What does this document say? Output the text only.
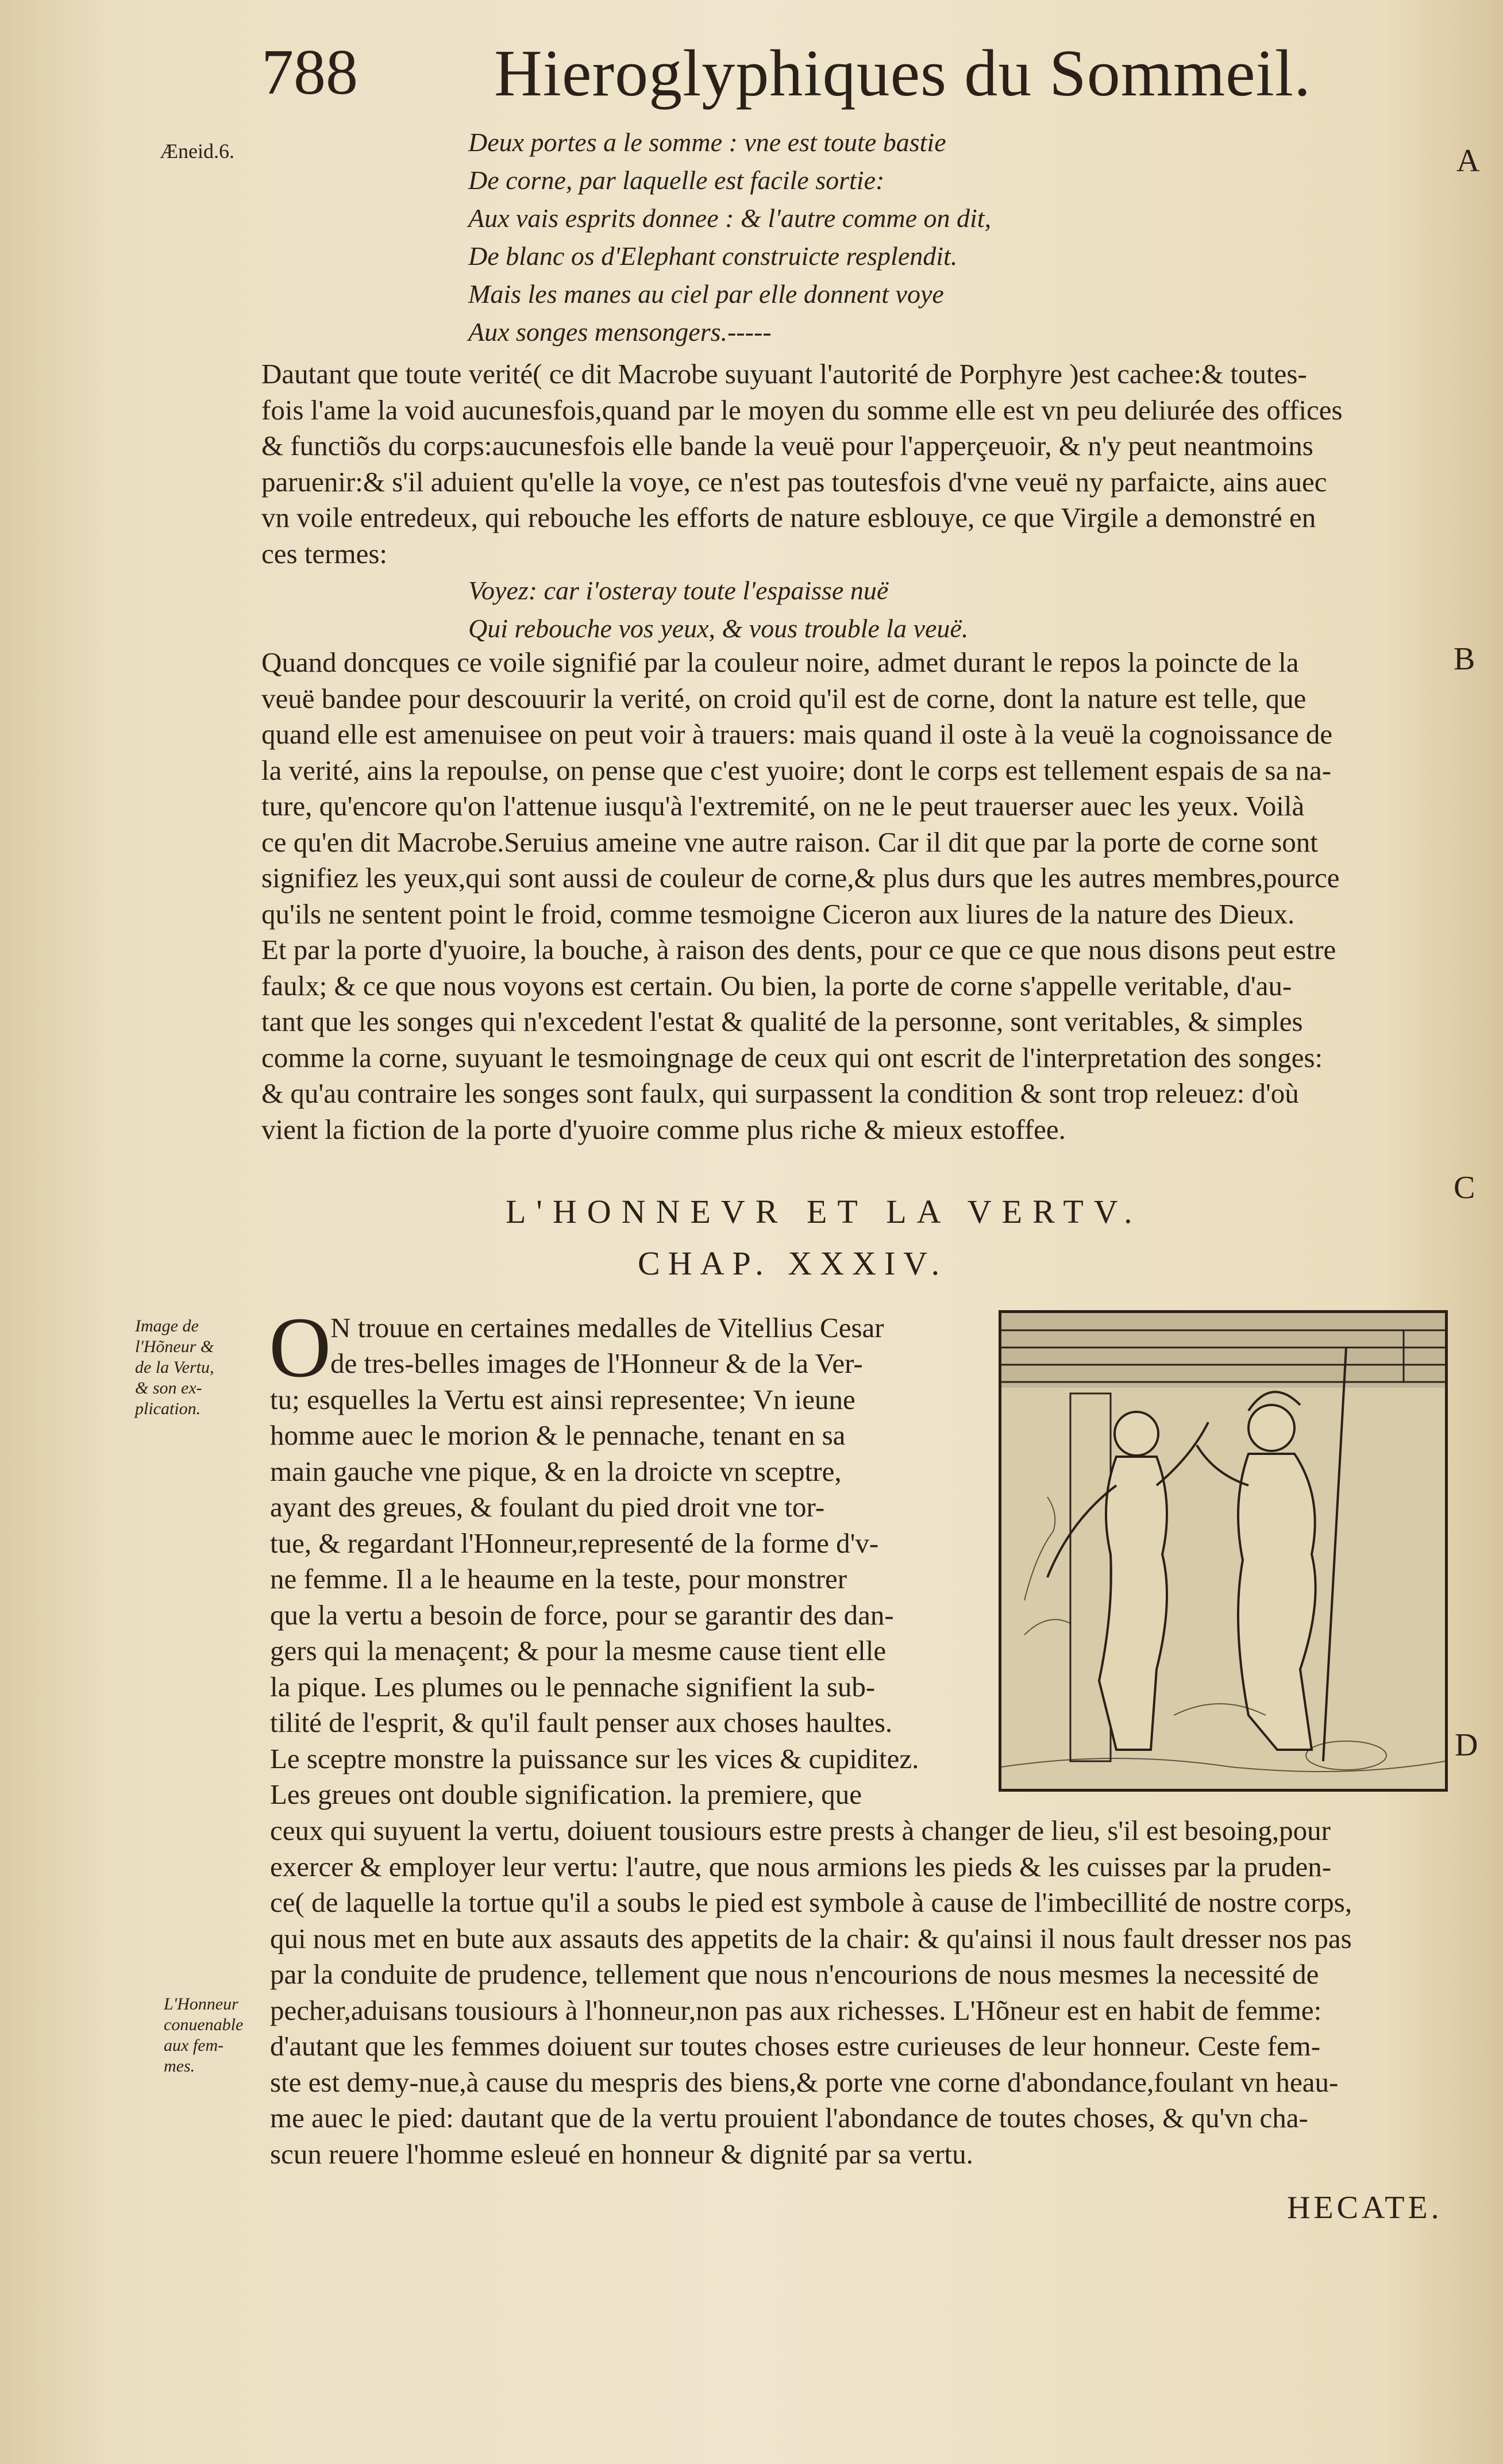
788 Hieroglyphiques du Sommeil.
Æneid.6.	A
B
C
D
Deux portes a le somme : vne est toute bastie
De corne, par laquelle est facile sortie:
Aux vais esprits donnee : & l'autre comme on dit,
De blanc os d'Elephant construicte resplendit.
Mais les manes au ciel par elle donnent voye
Aux songes mensongers.-----
Dautant que toute verité( ce dit Macrobe suyuant l'autorité de Porphyre )est cachee:& toutes-
fois l'ame la void aucunesfois,quand par le moyen du somme elle est vn peu deliurée des offices
& functiõs du corps:aucunesfois elle bande la veuë pour l'apperçeuoir, & n'y peut neantmoins
paruenir:& s'il aduient qu'elle la voye, ce n'est pas toutesfois d'vne veuë ny parfaicte, ains auec
vn voile entredeux, qui rebouche les efforts de nature esblouye, ce que Virgile a demonstré en
ces termes:
Voyez: car i'osteray toute l'espaisse nuë
Qui rebouche vos yeux, & vous trouble la veuë.
Quand doncques ce voile signifié par la couleur noire, admet durant le repos la poincte de la
veuë bandee pour descouurir la verité, on croid qu'il est de corne, dont la nature est telle, que
quand elle est amenuisee on peut voir à trauers: mais quand il oste à la veuë la cognoissance de
la verité, ains la repoulse, on pense que c'est yuoire; dont le corps est tellement espais de sa na-
ture, qu'encore qu'on l'attenue iusqu'à l'extremité, on ne le peut trauerser auec les yeux. Voilà
ce qu'en dit Macrobe.Seruius ameine vne autre raison. Car il dit que par la porte de corne sont
signifiez les yeux,qui sont aussi de couleur de corne,& plus durs que les autres membres,pource
qu'ils ne sentent point le froid, comme tesmoigne Ciceron aux liures de la nature des Dieux.
Et par la porte d'yuoire, la bouche, à raison des dents, pour ce que ce que nous disons peut estre
faulx; & ce que nous voyons est certain. Ou bien, la porte de corne s'appelle veritable, d'au-
tant que les songes qui n'excedent l'estat & qualité de la personne, sont veritables, & simples
comme la corne, suyuant le tesmoingnage de ceux qui ont escrit de l'interpretation des songes:
& qu'au contraire les songes sont faulx, qui surpassent la condition & sont trop releuez: d'où
vient la fiction de la porte d'yuoire comme plus riche & mieux estoffee.
L'HONNEVR ET LA VERTV.
CHAP. XXXIV.
Image de
l'Hõneur &
de la Vertu,
& son ex-
plication.
L'Honneur
conuenable
aux fem-
mes.
O
N trouue en certaines medalles de Vitellius Cesar
de tres-belles images de l'Honneur & de la Ver-
tu; esquelles la Vertu est ainsi representee; Vn ieune
homme auec le morion & le pennache, tenant en sa
main gauche vne pique, & en la droicte vn sceptre,
ayant des greues, & foulant du pied droit vne tor-
tue, & regardant l'Honneur,representé de la forme d'v-
ne femme. Il a le heaume en la teste, pour monstrer
que la vertu a besoin de force, pour se garantir des dan-
gers qui la menaçent; & pour la mesme cause tient elle
la pique. Les plumes ou le pennache signifient la sub-
tilité de l'esprit, & qu'il fault penser aux choses haultes.
Le sceptre monstre la puissance sur les vices & cupiditez.
Les greues ont double signification. la premiere, que
ceux qui suyuent la vertu, doiuent tousiours estre prests à changer de lieu, s'il est besoing,pour
exercer & employer leur vertu: l'autre, que nous armions les pieds & les cuisses par la pruden-
ce( de laquelle la tortue qu'il a soubs le pied est symbole à cause de l'imbecillité de nostre corps,
qui nous met en bute aux assauts des appetits de la chair: & qu'ainsi il nous fault dresser nos pas
par la conduite de prudence, tellement que nous n'encourions de nous mesmes la necessité de
pecher,aduisans tousiours à l'honneur,non pas aux richesses. L'Hõneur est en habit de femme:
d'autant que les femmes doiuent sur toutes choses estre curieuses de leur honneur. Ceste fem-
ste est demy-nue,à cause du mespris des biens,& porte vne corne d'abondance,foulant vn heau-
me auec le pied: dautant que de la vertu prouient l'abondance de toutes choses, & qu'vn cha-
scun reuere l'homme esleué en honneur & dignité par sa vertu.
HECATE.
